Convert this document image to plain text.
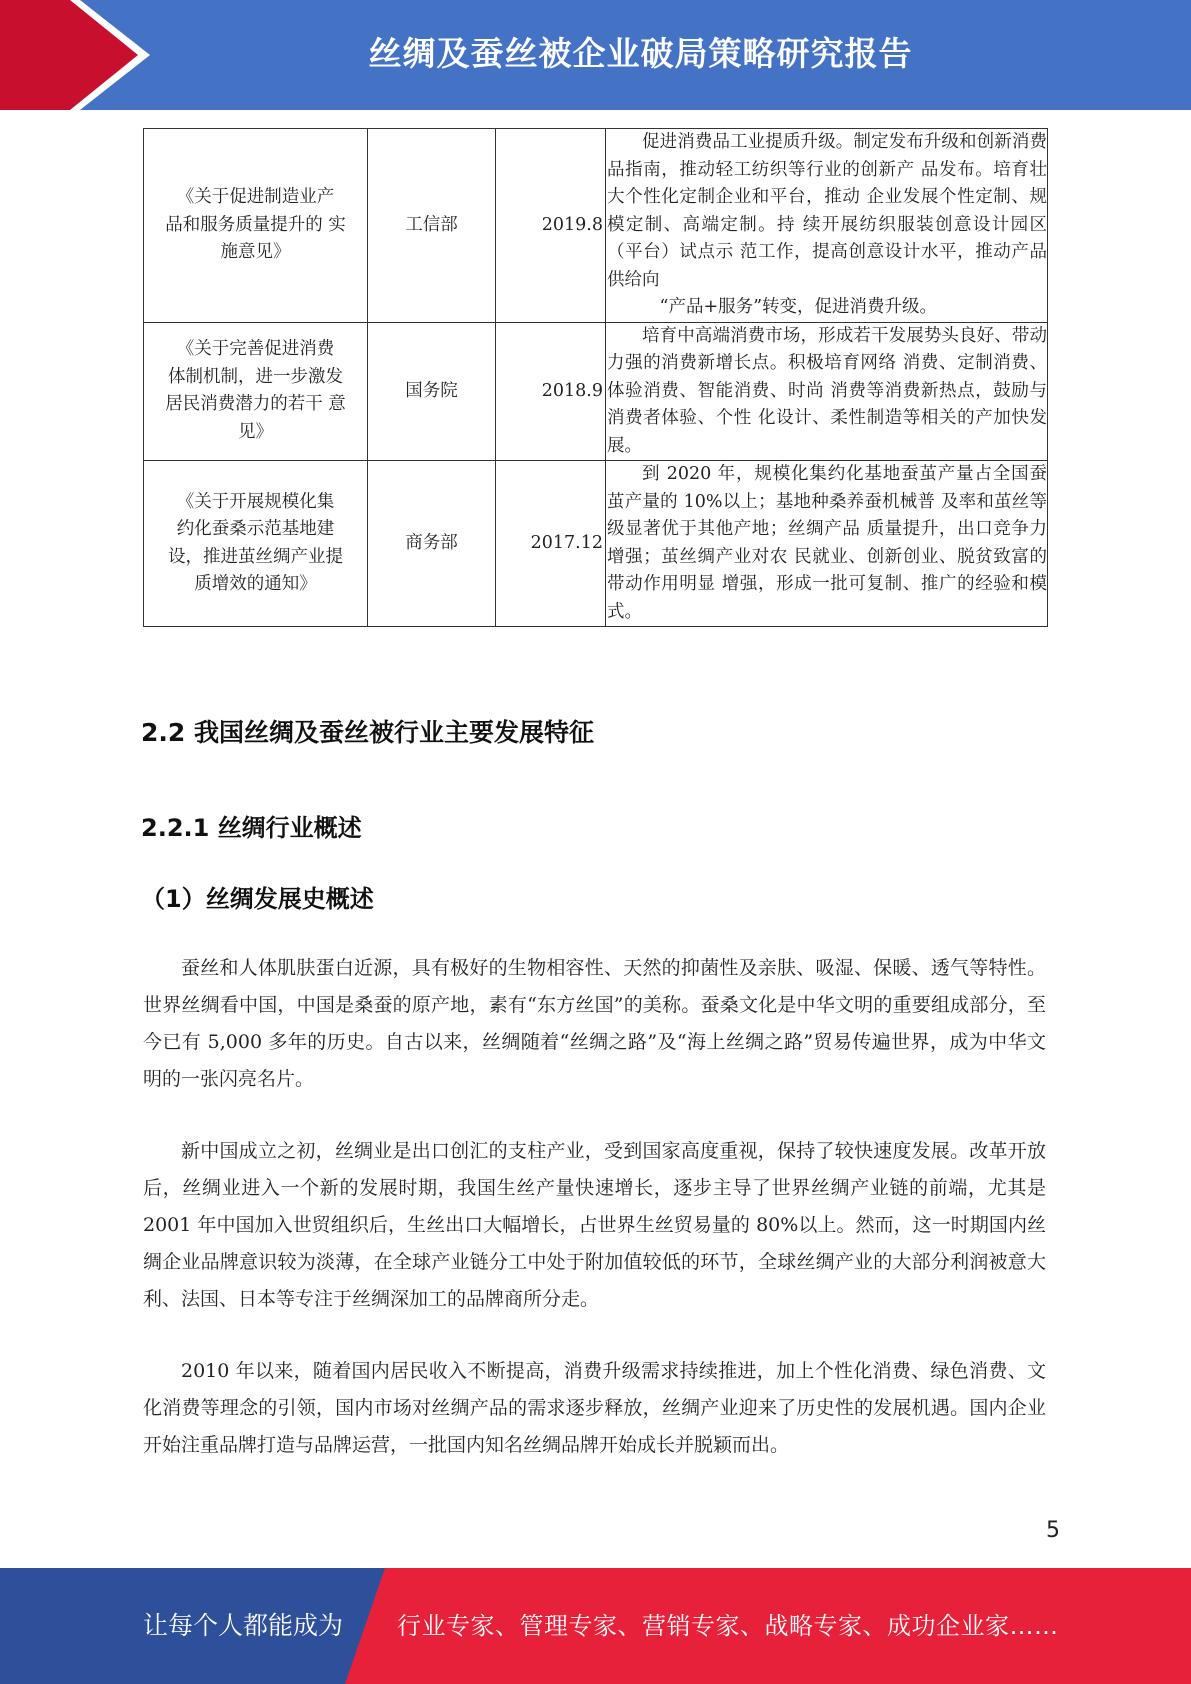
丝绸及蚕丝被企业破局策略研究报告
《关于促进制造业产
品和服务质量提升的 实
施意见》	工信部	2019.8	促进消费品工业提质升级。制定发布升级和创新消费品指南，推动轻工纺织等行业的创新产 品发布。培育壮大个性化定制企业和平台，推动 企业发展个性定制、规模定制、高端定制。持 续开展纺织服装创意设计园区（平台）试点示 范工作，提高创意设计水平，推动产品供给向
“产品+服务”转变，促进消费升级。

《关于完善促进消费
体制机制，进一步激发
居民消费潜力的若干 意
见》	国务院	2018.9	培育中高端消费市场，形成若干发展势头良好、带动力强的消费新增长点。积极培育网络 消费、定制消费、体验消费、智能消费、时尚 消费等消费新热点，鼓励与消费者体验、个性 化设计、柔性制造等相关的产加快发展。

《关于开展规模化集
约化蚕桑示范基地建
设，推进茧丝绸产业提
质增效的通知》	商务部	2017.12	到 2020 年，规模化集约化基地蚕茧产量占全国蚕茧产量的 10%以上；基地种桑养蚕机械普 及率和茧丝等级显著优于其他产地；丝绸产品 质量提升，出口竞争力增强；茧丝绸产业对农 民就业、创新创业、脱贫致富的带动作用明显 增强，形成一批可复制、推广的经验和模式。
2.2 我国丝绸及蚕丝被行业主要发展特征
2.2.1 丝绸行业概述
（1）丝绸发展史概述

蚕丝和人体肌肤蛋白近源，具有极好的生物相容性、天然的抑菌性及亲肤、吸湿、保暖、透气等特性。世界丝绸看中国，中国是桑蚕的原产地，素有“东方丝国”的美称。蚕桑文化是中华文明的重要组成部分，至今已有 5,000 多年的历史。自古以来，丝绸随着“丝绸之路”及“海上丝绸之路”贸易传遍世界，成为中华文明的一张闪亮名片。

新中国成立之初，丝绸业是出口创汇的支柱产业，受到国家高度重视，保持了较快速度发展。改革开放后，丝绸业进入一个新的发展时期，我国生丝产量快速增长，逐步主导了世界丝绸产业链的前端，尤其是 2001 年中国加入世贸组织后，生丝出口大幅增长，占世界生丝贸易量的 80%以上。然而，这一时期国内丝绸企业品牌意识较为淡薄，在全球产业链分工中处于附加值较低的环节，全球丝绸产业的大部分利润被意大利、法国、日本等专注于丝绸深加工的品牌商所分走。

2010 年以来，随着国内居民收入不断提高，消费升级需求持续推进，加上个性化消费、绿色消费、文化消费等理念的引领，国内市场对丝绸产品的需求逐步释放，丝绸产业迎来了历史性的发展机遇。国内企业开始注重品牌打造与品牌运营，一批国内知名丝绸品牌开始成长并脱颖而出。

5
让每个人都能成为 行业专家、管理专家、营销专家、战略专家、成功企业家……
